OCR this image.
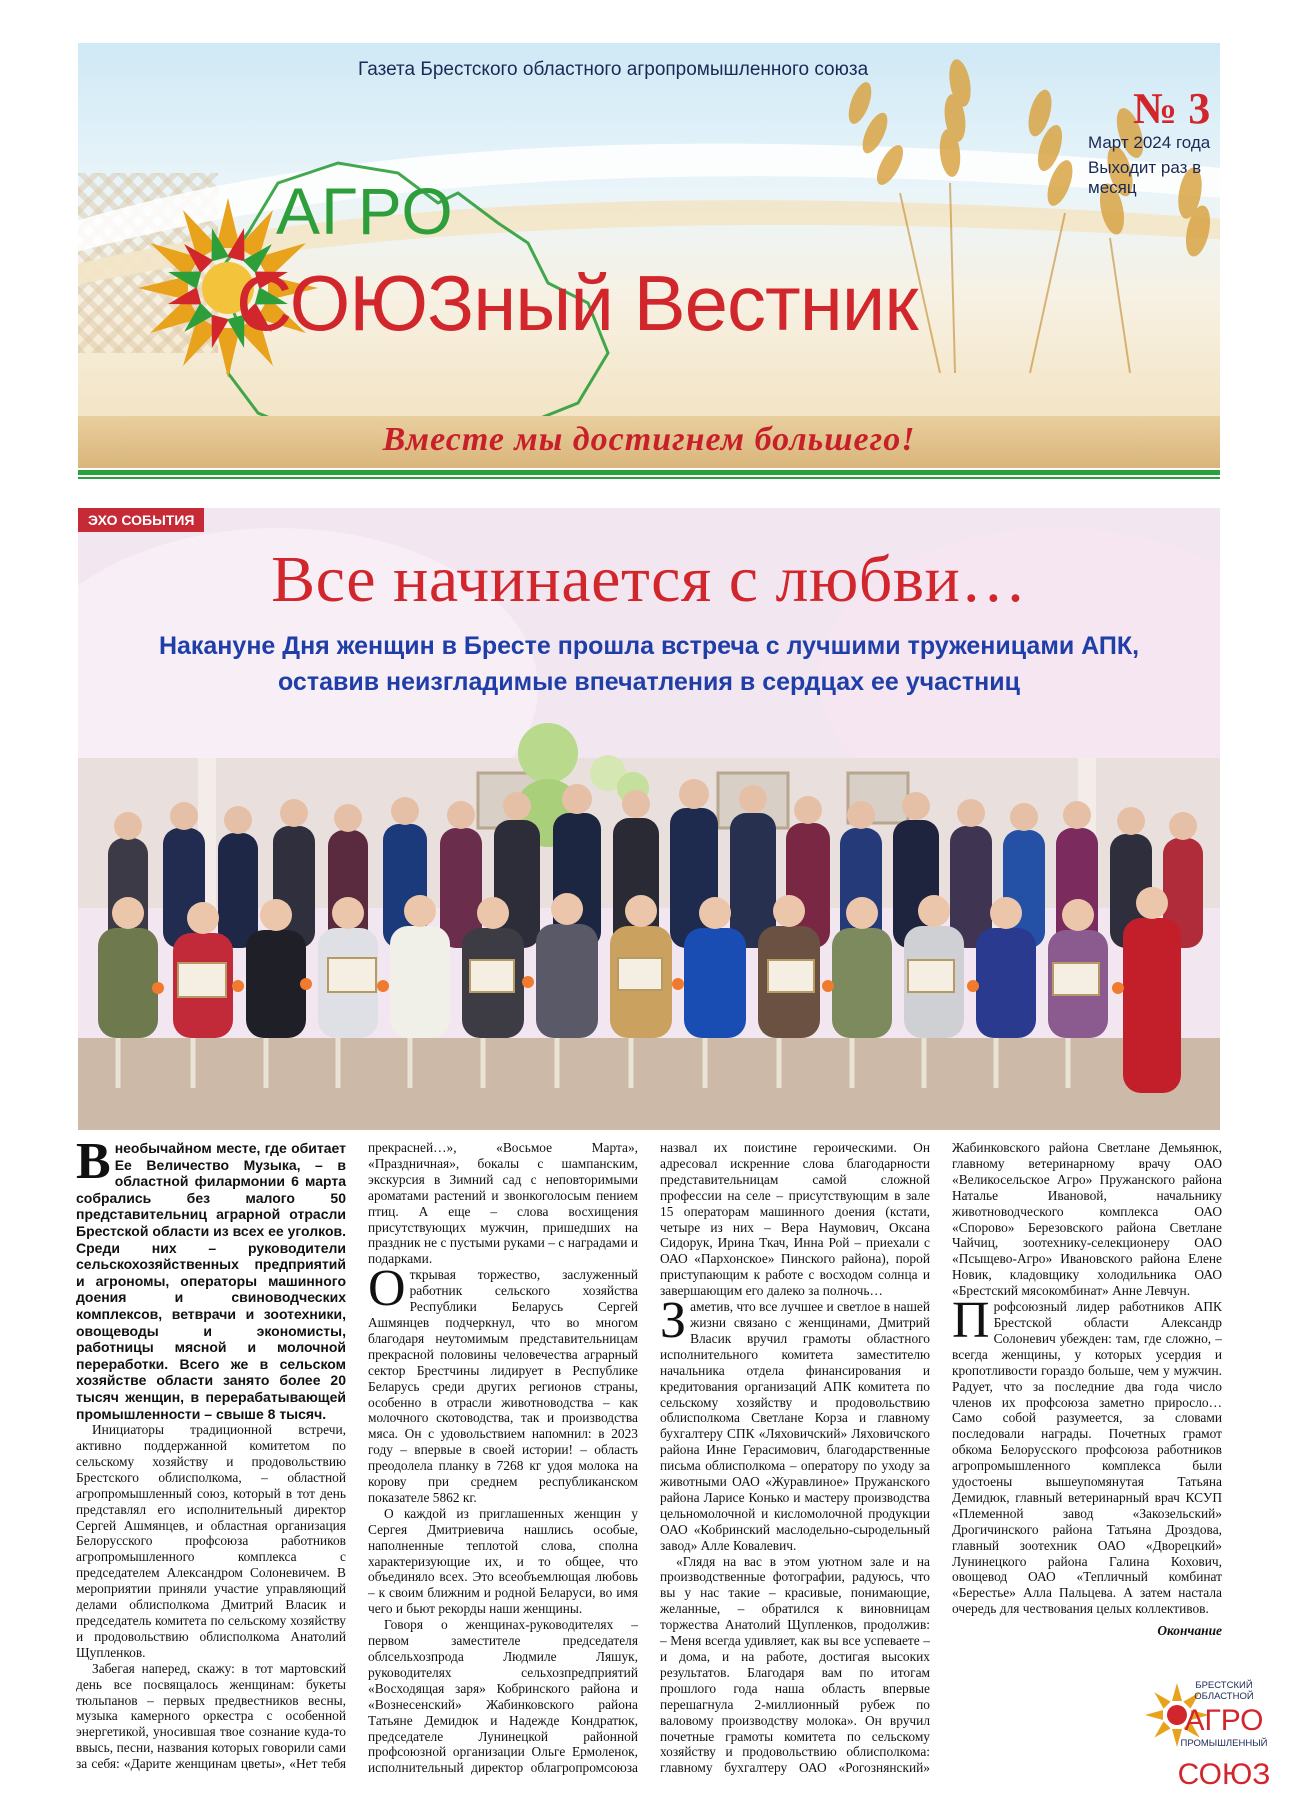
Газета Брестского областного агропромышленного союза
№ 3
Март 2024 года
Выходит раз в месяц
АГРО
СОЮЗный Вестник
Вместе мы достигнем большего!
ЭХО СОБЫТИЯ
Все начинается с любви…
Накануне Дня женщин в Бресте прошла встреча с лучшими труженицами АПК, оставив неизгладимые впечатления в сердцах ее участниц

Внеобычайном месте, где обитает Ее Величество Музыка, – в областной филармонии 6 марта собрались без малого 50 представительниц аграрной отрасли Брестской области из всех ее уголков. Среди них – руководители сельскохозяйственных предприятий и агрономы, операторы машинного доения и свиноводческих комплексов, ветврачи и зоотехники, овощеводы и экономисты, работницы мясной и молочной переработки. Всего же в сельском хозяйстве области занято более 20 тысяч женщин, в перерабатывающей промышленности – свыше 8 тысяч.

Инициаторы традиционной встречи, активно поддержанной комитетом по сельскому хозяйству и продовольствию Брестского облисполкома, – областной агропромышленный союз, который в тот день представлял его исполнительный директор Сергей Ашмянцев, и областная организация Белорусского профсоюза работников агропромышленного комплекса с председателем Александром Солоневичем. В мероприятии приняли участие управляющий делами облисполкома Дмитрий Власик и председатель комитета по сельскому хозяйству и продовольствию облисполкома Анатолий Щупленков.

Забегая наперед, скажу: в тот мартовский день все посвящалось женщинам: букеты тюльпанов – первых предвестников весны, музыка камерного оркестра с особенной энергетикой, уносившая твое сознание куда-то ввысь, песни, названия которых говорили сами за себя: «Дарите женщинам цветы», «Нет тебя прекрасней…», «Восьмое Марта», «Праздничная», бокалы с шампанским, экскурсия в Зимний сад с неповторимыми ароматами растений и звонкоголосым пением птиц. А еще – слова восхищения присутствующих мужчин, пришедших на праздник не с пустыми руками – с наградами и подарками.

Открывая торжество, заслуженный работник сельского хозяйства Республики Беларусь Сергей Ашмянцев подчеркнул, что во многом благодаря неутомимым представительницам прекрасной половины человечества аграрный сектор Брестчины лидирует в Республике Беларусь среди других регионов страны, особенно в отрасли животноводства – как молочного скотоводства, так и производства мяса. Он с удовольствием напомнил: в 2023 году – впервые в своей истории! – область преодолела планку в 7268 кг удоя молока на корову при среднем республиканском показателе 5862 кг.

О каждой из приглашенных женщин у Сергея Дмитриевича нашлись особые, наполненные теплотой слова, сполна характеризующие их, и то общее, что объединяло всех. Это всеобъемлющая любовь – к своим ближним и родной Беларуси, во имя чего и бьют рекорды наши женщины.

Говоря о женщинах-руководителях – первом заместителе председателя облсельхозпрода Людмиле Ляшук, руководителях сельхозпредприятий «Восходящая заря» Кобринского района и «Вознесенский» Жабинковского района Татьяне Демидюк и Надежде Кондратюк, председателе Лунинецкой районной профсоюзной организации Ольге Ермоленок, исполнительный директор облагропромсоюза назвал их поистине героическими. Он адресовал искренние слова благодарности представительницам самой сложной профессии на селе – присутствующим в зале 15 операторам машинного доения (кстати, четыре из них – Вера Наумович, Оксана Сидорук, Ирина Ткач, Инна Рой – приехали с ОАО «Пархонское» Пинского района), порой приступающим к работе с восходом солнца и завершающим его далеко за полночь…

Заметив, что все лучшее и светлое в нашей жизни связано с женщинами, Дмитрий Власик вручил грамоты областного исполнительного комитета заместителю начальника отдела финансирования и кредитования организаций АПК комитета по сельскому хозяйству и продовольствию облисполкома Светлане Корза и главному бухгалтеру СПК «Ляховичский» Ляховичского района Инне Герасимович, благодарственные письма облисполкома – оператору по уходу за животными ОАО «Журавлиное» Пружанского района Ларисе Конько и мастеру производства цельномолочной и кисломолочной продукции ОАО «Кобринский маслодельно-сыродельный завод» Алле Ковалевич.

«Глядя на вас в этом уютном зале и на производственные фотографии, радуюсь, что вы у нас такие – красивые, понимающие, желанные, – обратился к виновницам торжества Анатолий Щупленков, продолжив: – Меня всегда удивляет, как вы все успеваете – и дома, и на работе, достигая высоких результатов. Благодаря вам по итогам прошлого года наша область впервые перешагнула 2-миллионный рубеж по валовому производству молока». Он вручил почетные грамоты комитета по сельскому хозяйству и продовольствию облисполкома: главному бухгалтеру ОАО «Рогознянский» Жабинковского района Светлане Демьянюк, главному ветеринарному врачу ОАО «Великосельское Агро» Пружанского района Наталье Ивановой, начальнику животноводческого комплекса ОАО «Спорово» Березовского района Светлане Чайчиц, зоотехнику-селекционеру ОАО «Псыщево-Агро» Ивановского района Елене Новик, кладовщику холодильника ОАО «Брестский мясокомбинат» Анне Левчун.

Профсоюзный лидер работников АПК Брестской области Александр Солоневич убежден: там, где сложно, – всегда женщины, у которых усердия и кропотливости гораздо больше, чем у мужчин. Радует, что за последние два года число членов их профсоюза заметно приросло… Само собой разумеется, за словами последовали награды. Почетных грамот обкома Белорусского профсоюза работников агропромышленного комплекса были удостоены вышеупомянутая Татьяна Демидюк, главный ветеринарный врач КСУП «Племенной завод «Закозельский» Дрогичинского района Татьяна Дроздова, главный зоотехник ОАО «Дворецкий» Лунинецкого района Галина Кохович, овощевод ОАО «Тепличный комбинат «Берестье» Алла Пальцева. А затем настала очередь для чествования целых коллективов.

Окончание

БРЕСТСКИЙ
ОБЛАСТНОЙ
АГРО
ПРОМЫШЛЕННЫЙ
СОЮЗ
